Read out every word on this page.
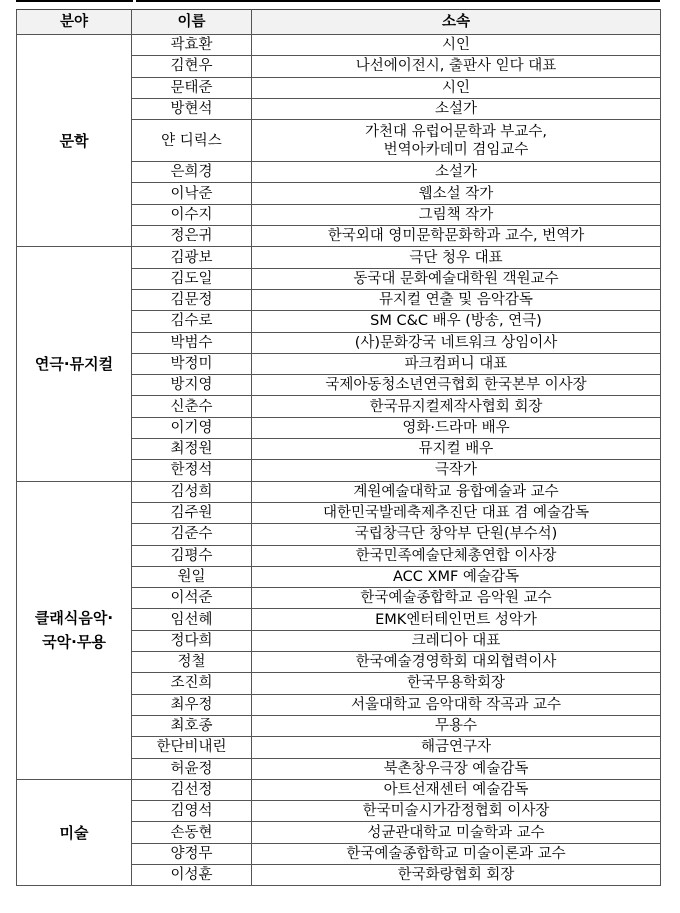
분야	이름	소속

문학	곽효환	시인
	김현우	나선에이전시, 출판사 읻다 대표
	문태준	시인
	방현석	소설가
	얀 디릭스	가천대 유럽어문학과 부교수,
번역아카데미 겸임교수

	은희경	소설가
	이낙준	웹소설 작가
	이수지	그림책 작가
	정은귀	한국외대 영미문학문화학과 교수, 번역가

연극·뮤지컬	김광보	극단 청우 대표
	김도일	동국대 문화예술대학원 객원교수
	김문정	뮤지컬 연출 및 음악감독
	김수로	SM C&C 배우 (방송, 연극)
	박범수	(사)문화강국 네트워크 상임이사
	박정미	파크컴퍼니 대표
	방지영	국제아동청소년연극협회 한국본부 이사장
	신춘수	한국뮤지컬제작사협회 회장
	이기영	영화·드라마 배우
	최정원	뮤지컬 배우
	한정석	극작가

클래식음악·
국악·무용	김성희	계원예술대학교 융합예술과 교수
	김주원	대한민국발레축제추진단 대표 겸 예술감독
	김준수	국립창극단 창악부 단원(부수석)
	김평수	한국민족예술단체총연합 이사장
	원일	ACC XMF 예술감독
	이석준	한국예술종합학교 음악원 교수
	임선혜	EMK엔터테인먼트 성악가
	정다희	크레디아 대표
	정철	한국예술경영학회 대외협력이사
	조진희	한국무용학회장
	최우정	서울대학교 음악대학 작곡과 교수
	최호종	무용수
	한단비내린	해금연구자
	허윤정	북촌창우극장 예술감독

미술	김선정	아트선재센터 예술감독
	김영석	한국미술시가감정협회 이사장
	손동현	성균관대학교 미술학과 교수
	양정무	한국예술종합학교 미술이론과 교수
	이성훈	한국화랑협회 회장
